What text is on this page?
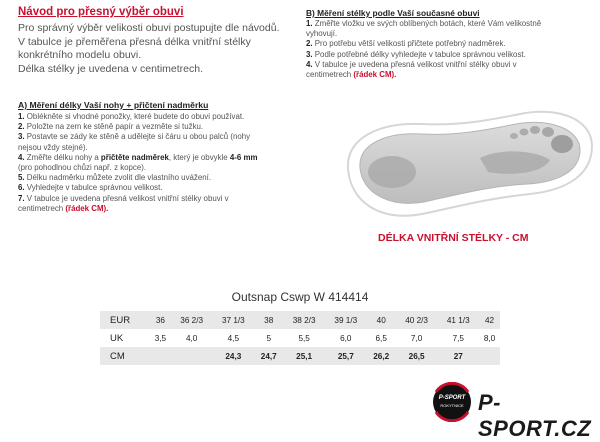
Návod pro přesný výběr obuvi

Pro správný výběr velikosti obuvi postupujte dle návodů.

V tabulce je přeměřena přesná délka vnitřní stélky

konkrétního modelu obuvi.

Délka stélky je uvedena v centimetrech.

A) Měření délky Vaší nohy + přičtení nadměrku
1. Oblékněte si vhodné ponožky, které budete do obuvi používat.
2. Položte na zem ke stěně papír a vezměte si tužku.
3. Postavte se zády ke stěně a udělejte si čáru u obou palců (nohy
nejsou vždy stejné).
4. Změřte délku nohy a přičtěte nadměrek, který je obvykle 4-6 mm
(pro pohodlnou chůzi např. z kopce).
5. Délku nadměrku můžete zvolit dle vlastního uvážení.
6. Vyhledejte v tabulce správnou velikost.
7. V tabulce je uvedena přesná velikost vnitřní stélky obuvi v
centimetrech (řádek CM).
B) Měření stélky podle Vaší současné obuvi
1. Změřte vložku ve svých oblíbených botách, které Vám velikostně
vyhovují.
2. Pro potřebu větší velikosti přičtete potřebný nadměrek.
3. Podle potřebné délky vyhledejte v tabulce správnou velikost.
4. V tabulce je uvedena přesná velikost vnitřní stélky obuvi v
centimetrech (řádek CM).
DÉLKA VNITŘNÍ STÉLKY - CM
Outsnap Cswp W 414414
EUR	36	36 2/3	37 1/3	38	38 2/3	39 1/3	40	40 2/3	41 1/3	42
UK	3,5	4,0	4,5	5	5,5	6,0	6,5	7,0	7,5	8,0
CM			24,3	24,7	25,1	25,7	26,2	26,5	27	
P-SPORT
ROKYTNICE P-SPORT.CZ
